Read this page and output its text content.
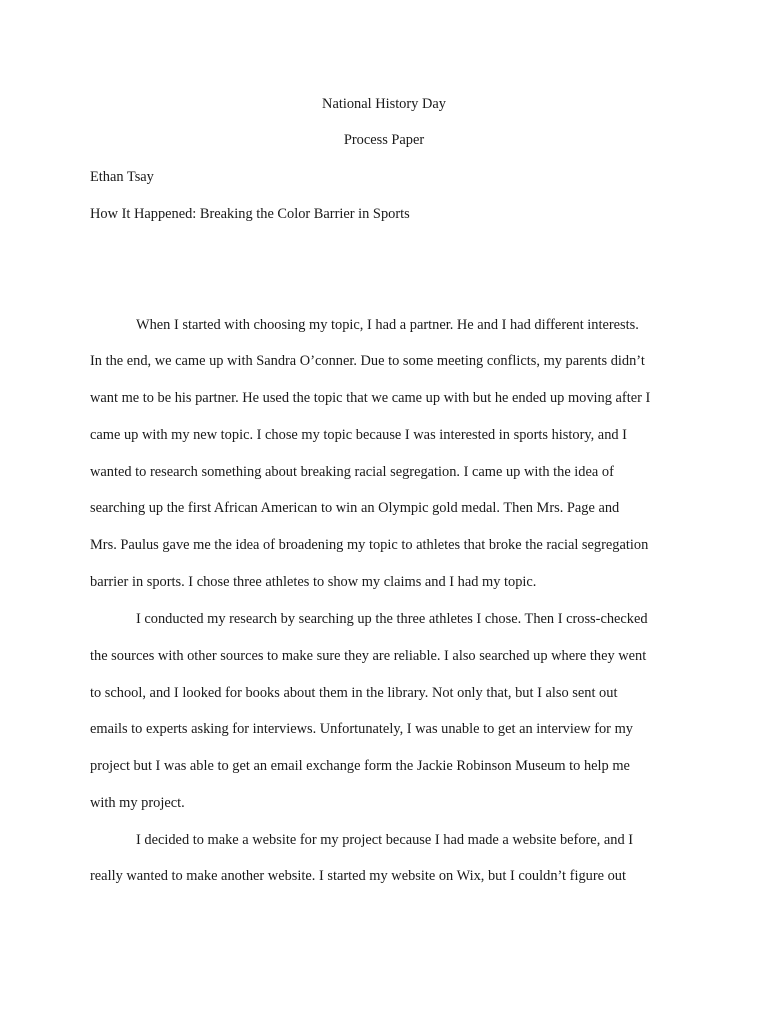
National History Day
Process Paper
Ethan Tsay
How It Happened: Breaking the Color Barrier in Sports
When I started with choosing my topic, I had a partner. He and I had different interests.
In the end, we came up with Sandra O’conner. Due to some meeting conflicts, my parents didn’t
want me to be his partner. He used the topic that we came up with but he ended up moving after I
came up with my new topic. I chose my topic because I was interested in sports history, and I
wanted to research something about breaking racial segregation. I came up with the idea of
searching up the first African American to win an Olympic gold medal. Then Mrs. Page and
Mrs. Paulus gave me the idea of broadening my topic to athletes that broke the racial segregation
barrier in sports. I chose three athletes to show my claims and I had my topic.
I conducted my research by searching up the three athletes I chose. Then I cross-checked
the sources with other sources to make sure they are reliable. I also searched up where they went
to school, and I looked for books about them in the library. Not only that, but I also sent out
emails to experts asking for interviews. Unfortunately, I was unable to get an interview for my
project but I was able to get an email exchange form the Jackie Robinson Museum to help me
with my project.
I decided to make a website for my project because I had made a website before, and I
really wanted to make another website. I started my website on Wix, but I couldn’t figure out
